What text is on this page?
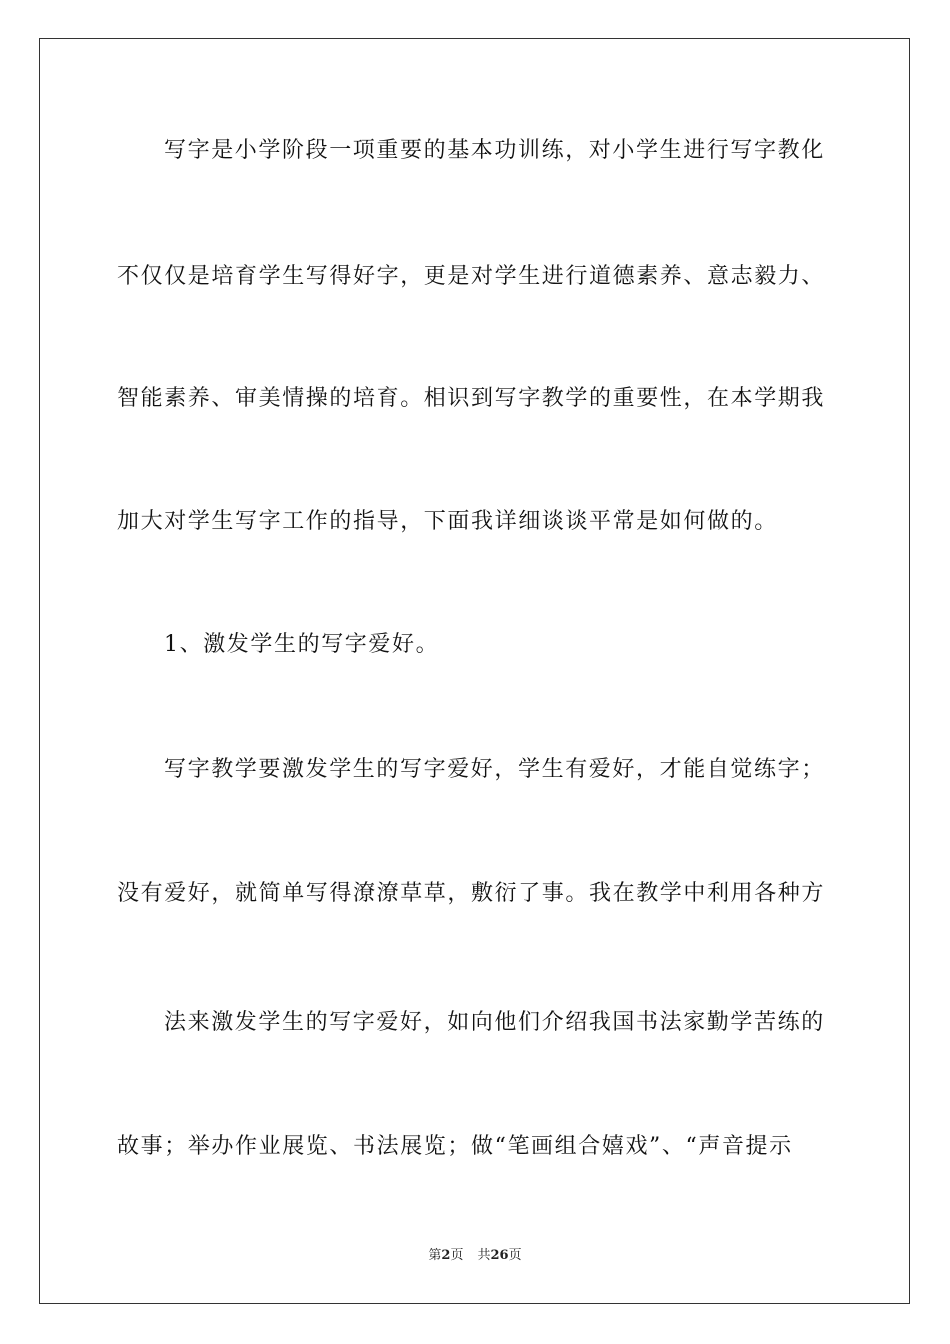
写字是小学阶段一项重要的基本功训练，对小学生进行写字教化
不仅仅是培育学生写得好字，更是对学生进行道德素养、意志毅力、
智能素养、审美情操的培育。相识到写字教学的重要性，在本学期我
加大对学生写字工作的指导，下面我详细谈谈平常是如何做的。
1、激发学生的写字爱好。
写字教学要激发学生的写字爱好，学生有爱好，才能自觉练字；
没有爱好，就简单写得潦潦草草，敷衍了事。我在教学中利用各种方
法来激发学生的写字爱好，如向他们介绍我国书法家勤学苦练的
故事；举办作业展览、书法展览；做“笔画组合嬉戏”、“声音提示
第2页 共26页
